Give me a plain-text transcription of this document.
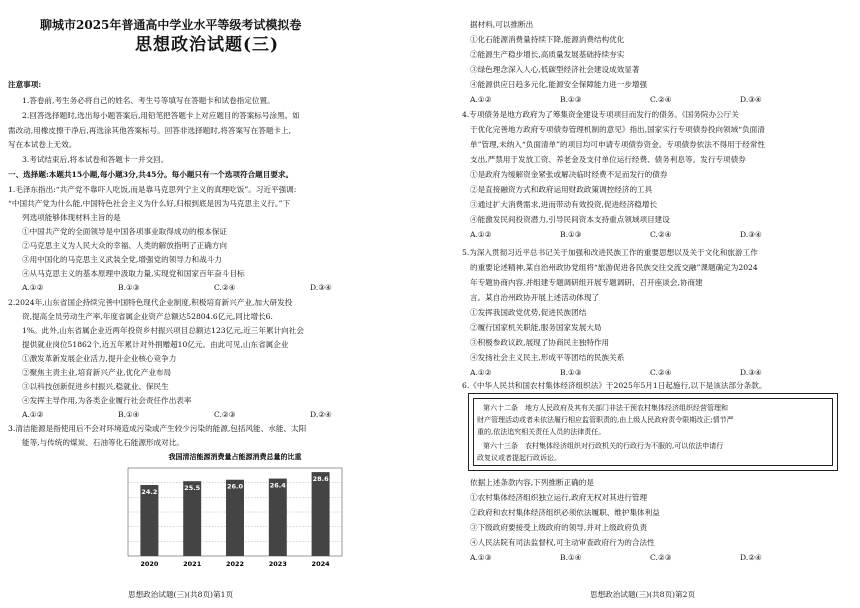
聊城市2025年普通高中学业水平等级考试模拟卷
思想政治试题(三)
注意事项:
1.答卷前,考生务必将自己的姓名、考生号等填写在答题卡和试卷指定位置。
2.回答选择题时,选出每小题答案后,用铅笔把答题卡上对应题目的答案标号涂黑。如
需改动,用橡皮擦干净后,再选涂其他答案标号。回答非选择题时,将答案写在答题卡上,
写在本试卷上无效。
3.考试结束后,将本试卷和答题卡一并交回。
一、选择题:本题共15小题,每小题3分,共45分。每小题只有一个选项符合题目要求。
1.毛泽东指出:“共产党不靠吓人吃饭,而是靠马克思列宁主义的真理吃饭”。习近平强调:
“中国共产党为什么能,中国特色社会主义为什么好,归根到底是因为马克思主义行。”下
列选项能够体现材料主旨的是
①中国共产党的全面领导是中国各项事业取得成功的根本保证
②马克思主义为人民大众的幸福、人类的解放指明了正确方向
③用中国化的马克思主义武装全党,增强党的领导力和战斗力
④从马克思主义的基本原理中汲取力量,实现党和国家百年奋斗目标
A.①②	B.①③	C.②④	D.③④
2.2024年,山东省国企持续完善中国特色现代企业制度,积极培育新兴产业,加大研发投
资,提高全员劳动生产率,年度省属企业资产总额达52804.6亿元,同比增长6.
1%。此外,山东省属企业近两年投资乡村振兴项目总额达123亿元,近三年累计向社会
提供就业岗位51862个,近五年累计对外捐赠超10亿元。由此可见,山东省属企业
①激发革新发展企业活力,提升企业核心竞争力
②聚焦主责主业,培育新兴产业,优化产业布局
③以科技创新促进乡村振兴,稳就业、保民生
④发挥主导作用,为各类企业履行社会责任作出表率
A.①②	B.①④	C.②③	D.②④
3.清洁能源是指使用后不会对环境造成污染或产生较少污染的能源,包括风能、水能、太阳
能等,与传统的煤炭、石油等化石能源形成对比。
我国清洁能源消费量占能源消费总量的比重
24.2	25.5	26.0	26.4
28.6
2020	2021	2022	2023	2024
思想政治试题(三)(共8页)第1页
据材料,可以推断出
①化石能源消费量持续下降,能源消费结构优化
②能源生产稳步增长,高质量发展基础持续夯实
③绿色理念深入人心,低碳型经济社会建设成效显著
④能源供应日趋多元化,能源安全保障能力进一步增强
A.①②	B.①③	C.②④	D.③④
4.专项债务是地方政府为了筹集资金建设专项项目而发行的债务。《国务院办公厅关
于优化完善地方政府专项债券管理机制的意见》指出,国家实行专项债券投向领域“负面清
单”管理,未纳入“负面清单”的项目均可申请专项债券资金。专项债券依法不得用于经常性
支出,严禁用于发放工资、养老金及支付单位运行经费、债务利息等。发行专项债券
①是政府为缓解资金紧张或解决临时经费不足而发行的债券
②是直接融资方式和政府运用财政政策调控经济的工具
③通过扩大消费需求,进而带动有效投资,促进经济稳增长
④能激发民间投资潜力,引导民间资本支持重点领域项目建设
A.①②	B.①③	C.②④	D.③④
5.为深入贯彻习近平总书记关于加强和改进民族工作的重要思想以及关于文化和旅游工作
的重要论述精神,某自治州政协党组将“旅游促进各民族交往交流交融”课题确定为2024
年专题协商内容,并组建专题调研组开展专题调研、召开座谈会,协商建
言。某自治州政协开展上述活动体现了
①发挥我国政党优势,促进民族团结
②履行国家机关职能,服务国家发展大局
③积极参政议政,展现了协商民主独特作用
④发扬社会主义民主,形成平等团结的民族关系
A.①②	B.①③	C.②④	D.③④
6.《中华人民共和国农村集体经济组织法》于2025年5月1日起施行,以下是该法部分条款。
第六十二条　地方人民政府及其有关部门非法干预农村集体经济组织经营管理和
财产管理活动或者未依法履行相应监管职责的,由上级人民政府责令限期改正;情节严
重的,依法追究相关责任人员的法律责任。
第六十三条　农村集体经济组织对行政机关的行政行为不服的,可以依法申请行
政复议或者提起行政诉讼。
依据上述条款内容,下列推断正确的是
①农村集体经济组织独立运行,政府无权对其进行管理
②政府和农村集体经济组织必须依法履职、维护集体利益
③下级政府要接受上级政府的领导,并对上级政府负责
④人民法院有司法监督权,可主动审查政府行为的合法性
A.①③	B.①④	C.②③	D.②④
思想政治试题(三)(共8页)第2页
